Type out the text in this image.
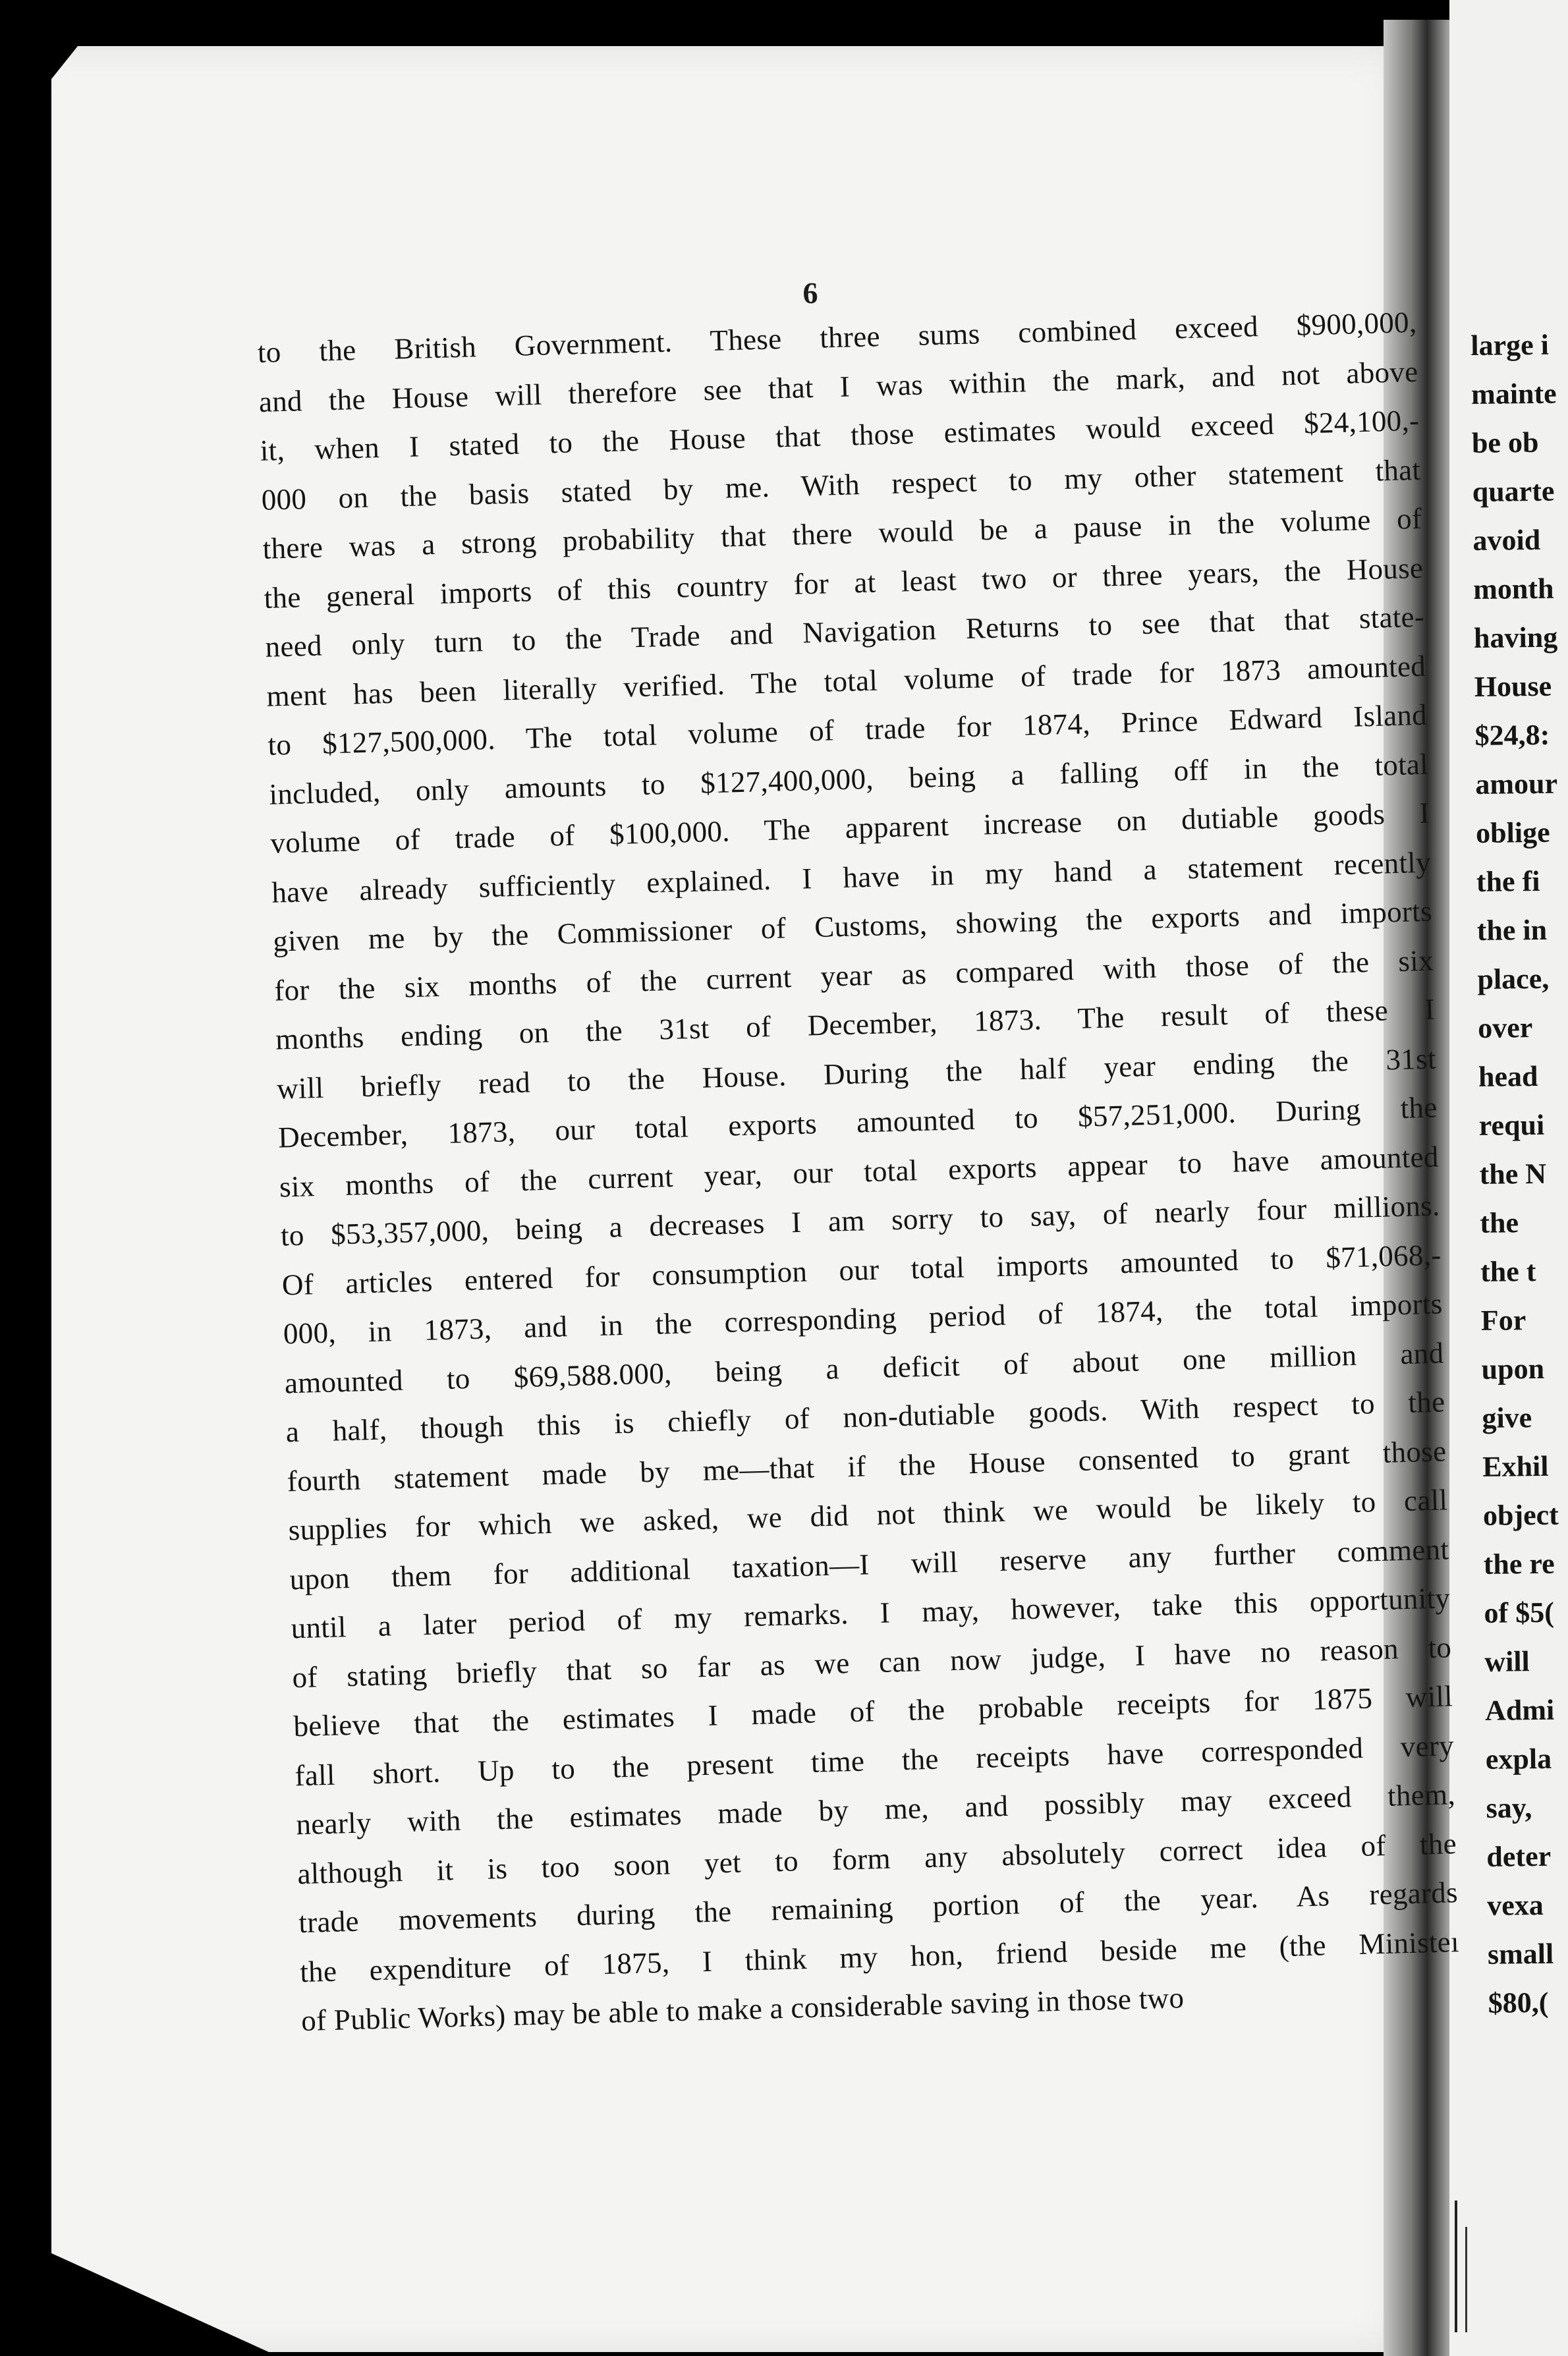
6
to the British Government. These three sums combined exceed $900,000,
and the House will therefore see that I was within the mark, and not above
it, when I stated to the House that those estimates would exceed $24,100,-
000 on the basis stated by me. With respect to my other statement that
there was a strong probability that there would be a pause in the volume of
the general imports of this country for at least two or three years, the House
need only turn to the Trade and Navigation Returns to see that that state-
ment has been literally verified. The total volume of trade for 1873 amounted
to $127,500,000. The total volume of trade for 1874, Prince Edward Island
included, only amounts to $127,400,000, being a falling off in the total
volume of trade of $100,000. The apparent increase on dutiable goods I
have already sufficiently explained. I have in my hand a statement recently
given me by the Commissioner of Customs, showing the exports and imports
for the six months of the current year as compared with those of the six
months ending on the 31st of December, 1873. The result of these I
will briefly read to the House. During the half year ending the 31st
December, 1873, our total exports amounted to $57,251,000. During the
six months of the current year, our total exports appear to have amounted
to $53,357,000, being a decreases I am sorry to say, of nearly four millions.
Of articles entered for consumption our total imports amounted to $71,068,-
000, in 1873, and in the corresponding period of 1874, the total imports
amounted to $69,588.000, being a deficit of about one million and
a half, though this is chiefly of non-dutiable goods. With respect to the
fourth statement made by me—that if the House consented to grant those
supplies for which we asked, we did not think we would be likely to call
upon them for additional taxation—I will reserve any further comment
until a later period of my remarks. I may, however, take this opportunity
of stating briefly that so far as we can now judge, I have no reason to
believe that the estimates I made of the probable receipts for 1875 will
fall short. Up to the present time the receipts have corresponded very
nearly with the estimates made by me, and possibly may exceed them,
although it is too soon yet to form any absolutely correct idea of the
trade movements during the remaining portion of the year. As regards
the expenditure of 1875, I think my hon, friend beside me (the Ministeı
of Public Works) may be able to make a considerable saving in those two
large i
mainte
be ob
quarte
avoid
month
having
House
$24,8:
amour
oblige
the fi
the in
place,
over
head
requi
the N
the
the t
For
upon
give
Exhil
object
the re
of $5(
will
Admi
expla
say,
deter
vexa
small
$80,(
